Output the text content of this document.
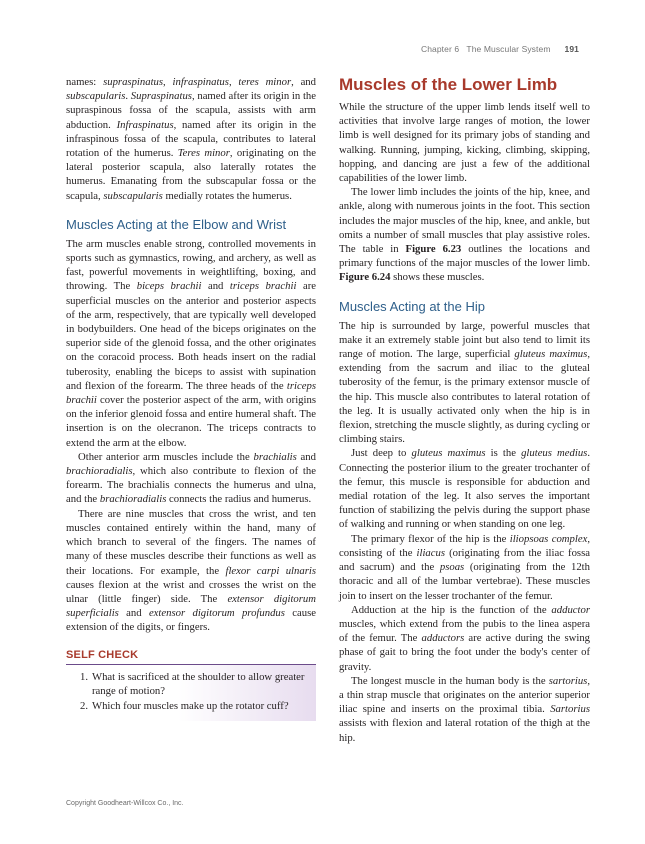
Chapter 6   The Muscular System 191

names: supraspinatus, infraspinatus, teres minor, and subscapularis. Supraspinatus, named after its origin in the supraspinous fossa of the scapula, assists with arm abduction. Infraspinatus, named after its origin in the infraspinous fossa of the scapula, contributes to lateral rotation of the humerus. Teres minor, originating on the lateral posterior scapula, also laterally rotates the humerus. Emanating from the subscapular fossa or the scapula, subscapularis medially rotates the humerus.

Muscles Acting at the Elbow and Wrist

The arm muscles enable strong, controlled movements in sports such as gymnastics, rowing, and archery, as well as fast, powerful movements in weightlifting, boxing, and throwing. The biceps brachii and triceps brachii are superficial muscles on the anterior and posterior aspects of the arm, respectively, that are typically well developed in bodybuilders. One head of the biceps originates on the superior side of the glenoid fossa, and the other originates on the coracoid process. Both heads insert on the radial tuberosity, enabling the biceps to assist with supination and flexion of the forearm. The three heads of the triceps brachii cover the posterior aspect of the arm, with origins on the inferior glenoid fossa and entire humeral shaft. The insertion is on the olecranon. The triceps contracts to extend the arm at the elbow.

Other anterior arm muscles include the brachialis and brachioradialis, which also contribute to flexion of the forearm. The brachialis connects the humerus and ulna, and the brachioradialis connects the radius and humerus.

There are nine muscles that cross the wrist, and ten muscles contained entirely within the hand, many of which branch to several of the fingers. The names of many of these muscles describe their functions as well as their locations. For example, the flexor carpi ulnaris causes flexion at the wrist and crosses the wrist on the ulnar (little finger) side. The extensor digitorum superficialis and extensor digitorum profundus cause extension of the digits, or fingers.

SELF CHECK
1. What is sacrificed at the shoulder to allow greater range of motion?
2. Which four muscles make up the rotator cuff?
Muscles of the Lower Limb

While the structure of the upper limb lends itself well to activities that involve large ranges of motion, the lower limb is well designed for its primary jobs of standing and walking. Running, jumping, kicking, climbing, skipping, hopping, and dancing are just a few of the additional capabilities of the lower limb.

The lower limb includes the joints of the hip, knee, and ankle, along with numerous joints in the foot. This section includes the major muscles of the hip, knee, and ankle, but omits a number of small muscles that play assistive roles. The table in Figure 6.23 outlines the locations and primary functions of the major muscles of the lower limb. Figure 6.24 shows these muscles.

Muscles Acting at the Hip

The hip is surrounded by large, powerful muscles that make it an extremely stable joint but also tend to limit its range of motion. The large, superficial gluteus maximus, extending from the sacrum and iliac to the gluteal tuberosity of the femur, is the primary extensor muscle of the hip. This muscle also contributes to lateral rotation of the leg. It is usually activated only when the hip is in flexion, stretching the muscle slightly, as during cycling or climbing stairs.

Just deep to gluteus maximus is the gluteus medius. Connecting the posterior ilium to the greater trochanter of the femur, this muscle is responsible for abduction and medial rotation of the leg. It also serves the important function of stabilizing the pelvis during the support phase of walking and running or when standing on one leg.

The primary flexor of the hip is the iliopsoas complex, consisting of the iliacus (originating from the iliac fossa and sacrum) and the psoas (originating from the 12th thoracic and all of the lumbar vertebrae). These muscles join to insert on the lesser trochanter of the femur.

Adduction at the hip is the function of the adductor muscles, which extend from the pubis to the linea aspera of the femur. The adductors are active during the swing phase of gait to bring the foot under the body's center of gravity.

The longest muscle in the human body is the sartorius, a thin strap muscle that originates on the anterior superior iliac spine and inserts on the proximal tibia. Sartorius assists with flexion and lateral rotation of the thigh at the hip.

Copyright Goodheart-Willcox Co., Inc.
